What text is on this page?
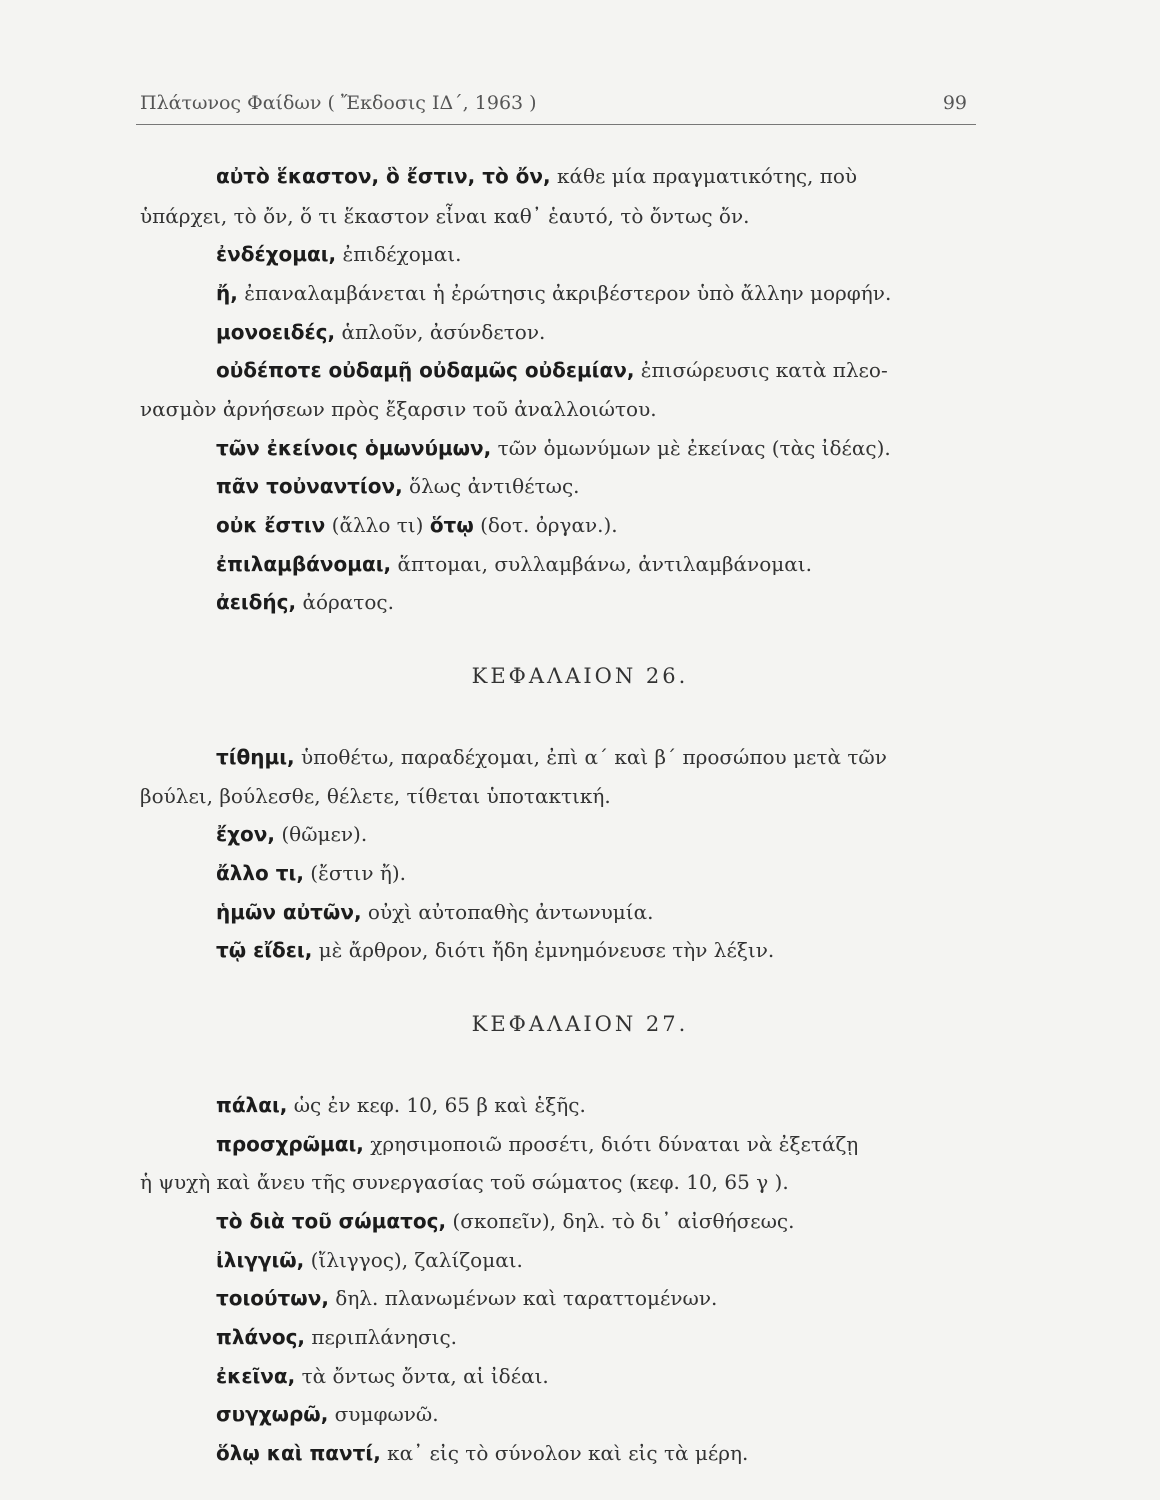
Πλάτωνος Φαίδων ( Ἔκδοσις ΙΔ΄, 1963 )	99
αὐτὸ ἕκαστον, ὃ ἔστιν, τὸ ὄν, κάθε μία πραγματικότης, ποὺ
ὑπάρχει, τὸ ὄν, ὅ τι ἕκαστον εἶναι καθ᾽ ἑαυτό, τὸ ὄντως ὄν.
ἐνδέχομαι, ἐπιδέχομαι.
ἤ, ἐπαναλαμβάνεται ἡ ἐρώτησις ἀκριβέστερον ὑπὸ ἄλλην μορφήν.
μονοειδές, ἁπλοῦν, ἀσύνδετον.
οὐδέποτε οὐδαμῇ οὐδαμῶς οὐδεμίαν, ἐπισώρευσις κατὰ πλεο-
νασμὸν ἀρνήσεων πρὸς ἔξαρσιν τοῦ ἀναλλοιώτου.
τῶν ἐκείνοις ὁμωνύμων, τῶν ὁμωνύμων μὲ ἐκείνας (τὰς ἰδέας).
πᾶν τοὐναντίον, ὅλως ἀντιθέτως.
οὐκ ἔστιν (ἄλλο τι) ὅτῳ (δοτ. ὀργαν.).
ἐπιλαμβάνομαι, ἅπτομαι, συλλαμβάνω, ἀντιλαμβάνομαι.
ἀειδής, ἀόρατος.
ΚΕΦΑΛΑΙΟΝ 26.
τίθημι, ὑποθέτω, παραδέχομαι, ἐπὶ α´ καὶ β´ προσώπου μετὰ τῶν
βούλει, βούλεσθε, θέλετε, τίθεται ὑποτακτική.
ἔχον, (θῶμεν).
ἄλλο τι, (ἔστιν ἤ).
ἡμῶν αὐτῶν, οὐχὶ αὐτοπαθὴς ἀντωνυμία.
τῷ εἴδει, μὲ ἄρθρον, διότι ἤδη ἐμνημόνευσε τὴν λέξιν.
ΚΕΦΑΛΑΙΟΝ 27.
πάλαι, ὡς ἐν κεφ. 10, 65 β καὶ ἑξῆς.
προσχρῶμαι, χρησιμοποιῶ προσέτι, διότι δύναται νὰ ἐξετάζῃ
ἡ ψυχὴ καὶ ἄνευ τῆς συνεργασίας τοῦ σώματος (κεφ. 10, 65 γ ).
τὸ διὰ τοῦ σώματος, (σκοπεῖν), δηλ. τὸ δι᾽ αἰσθήσεως.
ἰλιγγιῶ, (ἴλιγγος), ζαλίζομαι.
τοιούτων, δηλ. πλανωμένων καὶ ταραττομένων.
πλάνος, περιπλάνησις.
ἐκεῖνα, τὰ ὄντως ὄντα, αἱ ἰδέαι.
συγχωρῶ, συμφωνῶ.
ὅλῳ καὶ παντί, κα᾽ εἰς τὸ σύνολον καὶ εἰς τὰ μέρη.
